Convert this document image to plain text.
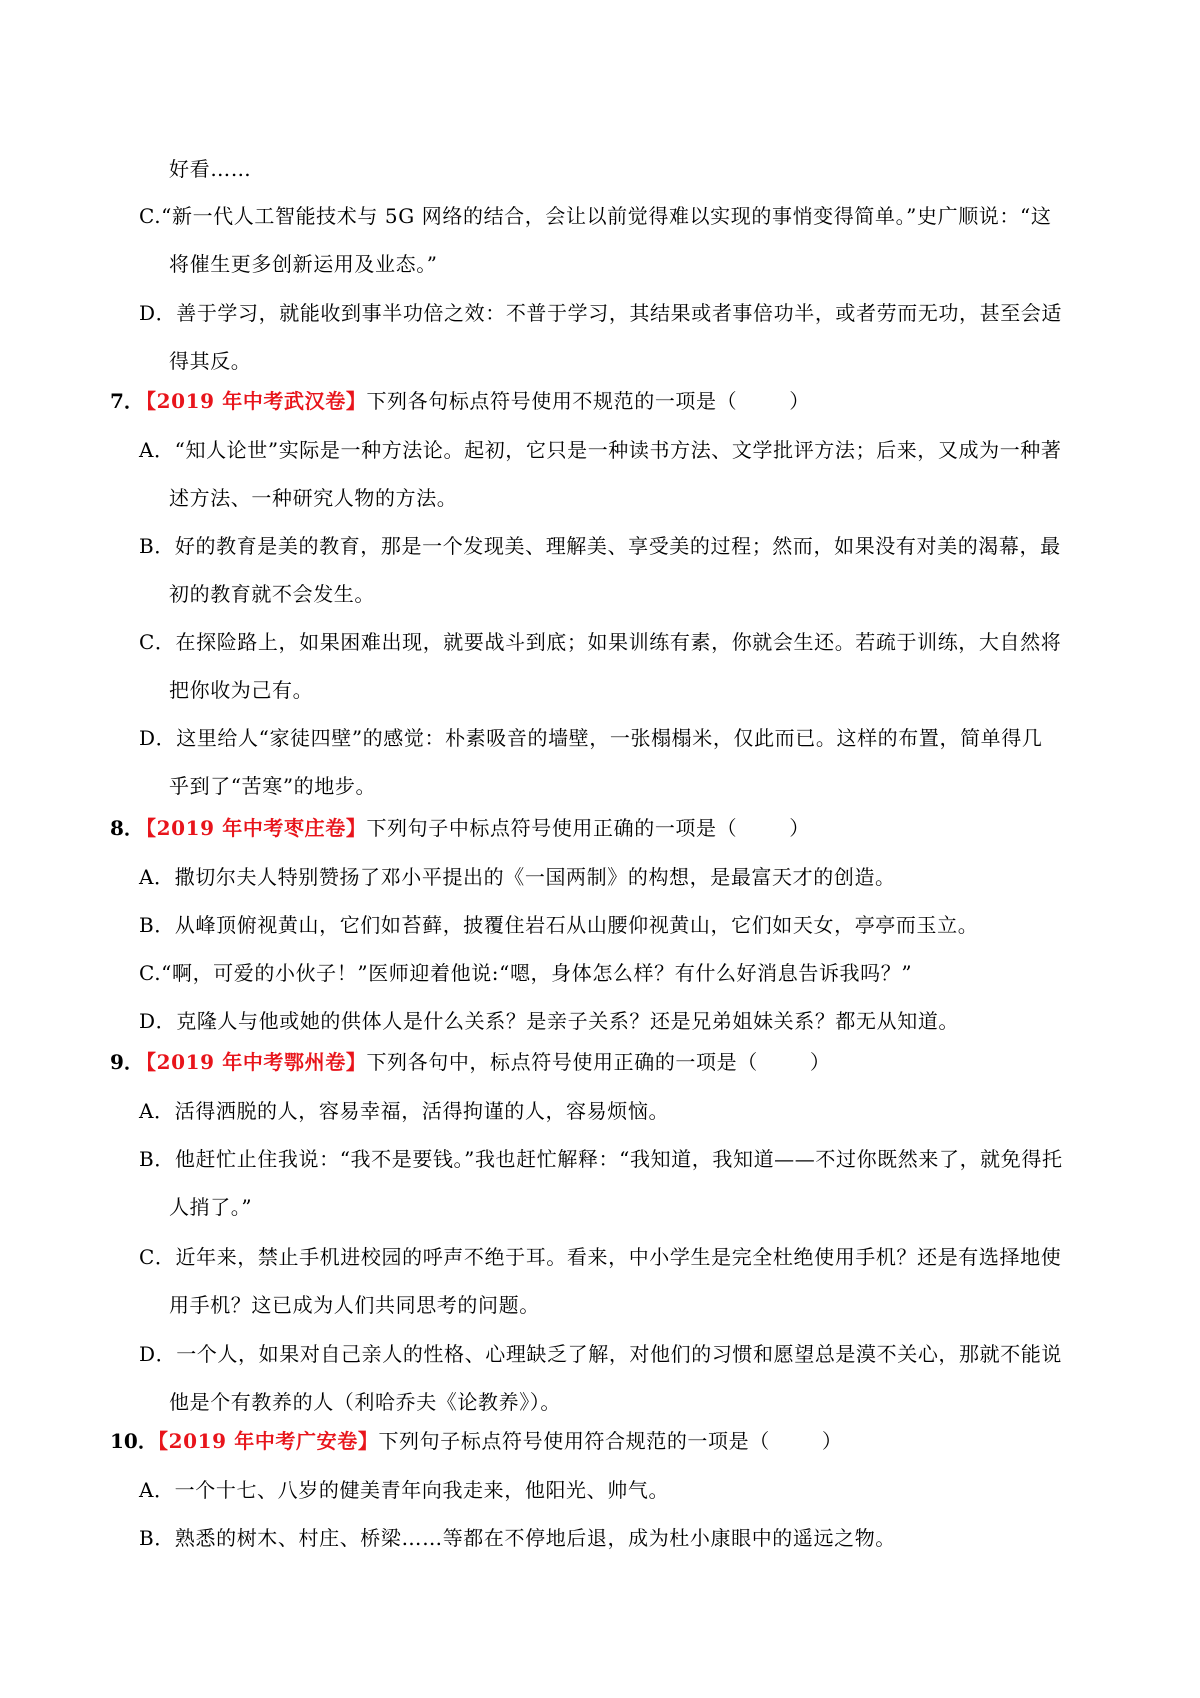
好看……
C.“新一代人工智能技术与 5G 网络的结合，会让以前觉得难以实现的事悄变得简单。”史广顺说：“这
将催生更多创新运用及业态。”
D．善于学习，就能收到事半功倍之效：不普于学习，其结果或者事倍功半，或者劳而无功，甚至会适
得其反。
7．
【2019 年中考武汉卷】下列各句标点符号使用不规范的一项是（	）
A．“知人论世”实际是一种方法论。起初，它只是一种读书方法、文学批评方法；后来，又成为一种著
述方法、一种研究人物的方法。
B．好的教育是美的教育，那是一个发现美、理解美、享受美的过程；然而，如果没有对美的渴幕，最
初的教育就不会发生。
C．在探险路上，如果困难出现，就要战斗到底；如果训练有素，你就会生还。若疏于训练，大自然将
把你收为己有。
D．这里给人“家徒四壁”的感觉：朴素吸音的墙壁，一张榻榻米，仅此而已。这样的布置，简单得几
乎到了“苦寒”的地步。
8．
【2019 年中考枣庄卷】下列句子中标点符号使用正确的一项是（	）
A．撒切尔夫人特别赞扬了邓小平提出的《一国两制》的构想，是最富天才的创造。
B．从峰顶俯视黄山，它们如苔藓，披覆住岩石从山腰仰视黄山，它们如天女，亭亭而玉立。
C.“啊，可爱的小伙子！”医师迎着他说:“嗯，身体怎么样？有什么好消息告诉我吗？”
D．克隆人与他或她的供体人是什么关系？是亲子关系？还是兄弟姐妹关系？都无从知道。
9．
【2019 年中考鄂州卷】下列各句中，标点符号使用正确的一项是（	）
A．活得洒脱的人，容易幸福，活得拘谨的人，容易烦恼。
B．他赶忙止住我说：“我不是要钱。”我也赶忙解释：“我知道，我知道——不过你既然来了，就免得托
人捎了。”
C．近年来，禁止手机进校园的呼声不绝于耳。看来，中小学生是完全杜绝使用手机？还是有选择地使
用手机？这已成为人们共同思考的问题。
D．一个人，如果对自己亲人的性格、心理缺乏了解，对他们的习惯和愿望总是漠不关心，那就不能说
他是个有教养的人（利哈乔夫《论教养》）。
10．
【2019 年中考广安卷】下列句子标点符号使用符合规范的一项是（	）
A．一个十七、八岁的健美青年向我走来，他阳光、帅气。
B．熟悉的树木、村庄、桥梁……等都在不停地后退，成为杜小康眼中的遥远之物。
